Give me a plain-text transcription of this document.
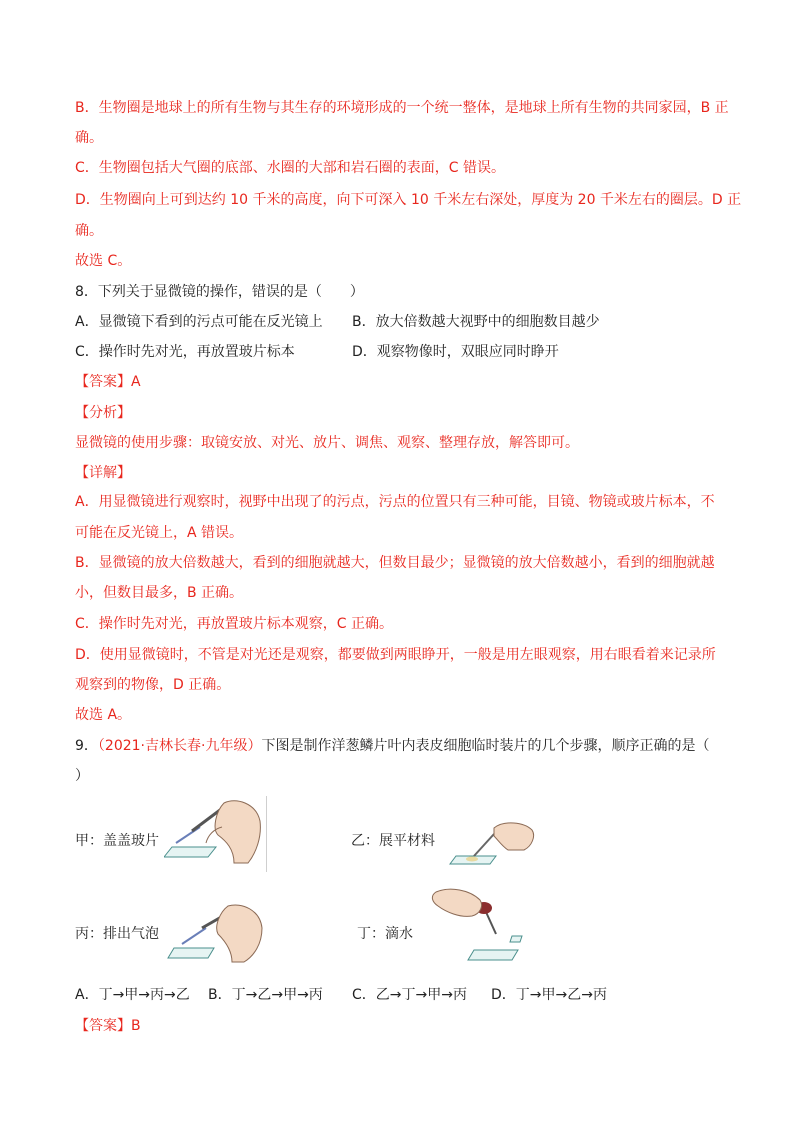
B．生物圈是地球上的所有生物与其生存的环境形成的一个统一整体，是地球上所有生物的共同家园，B 正
确。
C．生物圈包括大气圈的底部、水圈的大部和岩石圈的表面，C 错误。
D．生物圈向上可到达约 10 千米的高度，向下可深入 10 千米左右深处，厚度为 20 千米左右的圈层。D 正
确。
故选 C。
8．下列关于显微镜的操作，错误的是（　　）
A．显微镜下看到的污点可能在反光镜上 B．放大倍数越大视野中的细胞数目越少
C．操作时先对光，再放置玻片标本	D．观察物像时，双眼应同时睁开
【答案】A
【分析】
显微镜的使用步骤：取镜安放、对光、放片、调焦、观察、整理存放，解答即可。
【详解】
A．用显微镜进行观察时，视野中出现了的污点，污点的位置只有三种可能，目镜、物镜或玻片标本，不
可能在反光镜上，A 错误。
B．显微镜的放大倍数越大，看到的细胞就越大，但数目最少；显微镜的放大倍数越小，看到的细胞就越
小，但数目最多，B 正确。
C．操作时先对光，再放置玻片标本观察，C 正确。
D．使用显微镜时，不管是对光还是观察，都要做到两眼睁开，一般是用左眼观察，用右眼看着来记录所
观察到的物像，D 正确。
故选 A。
9．（2021·吉林长春·九年级）下图是制作洋葱鳞片叶内表皮细胞临时装片的几个步骤，顺序正确的是（
）
甲：盖盖玻片	乙：展平材料
丙：排出气泡	丁：滴水
A．丁→甲→丙→乙 B．丁→乙→甲→丙 C．乙→丁→甲→丙 D．丁→甲→乙→丙
【答案】B
